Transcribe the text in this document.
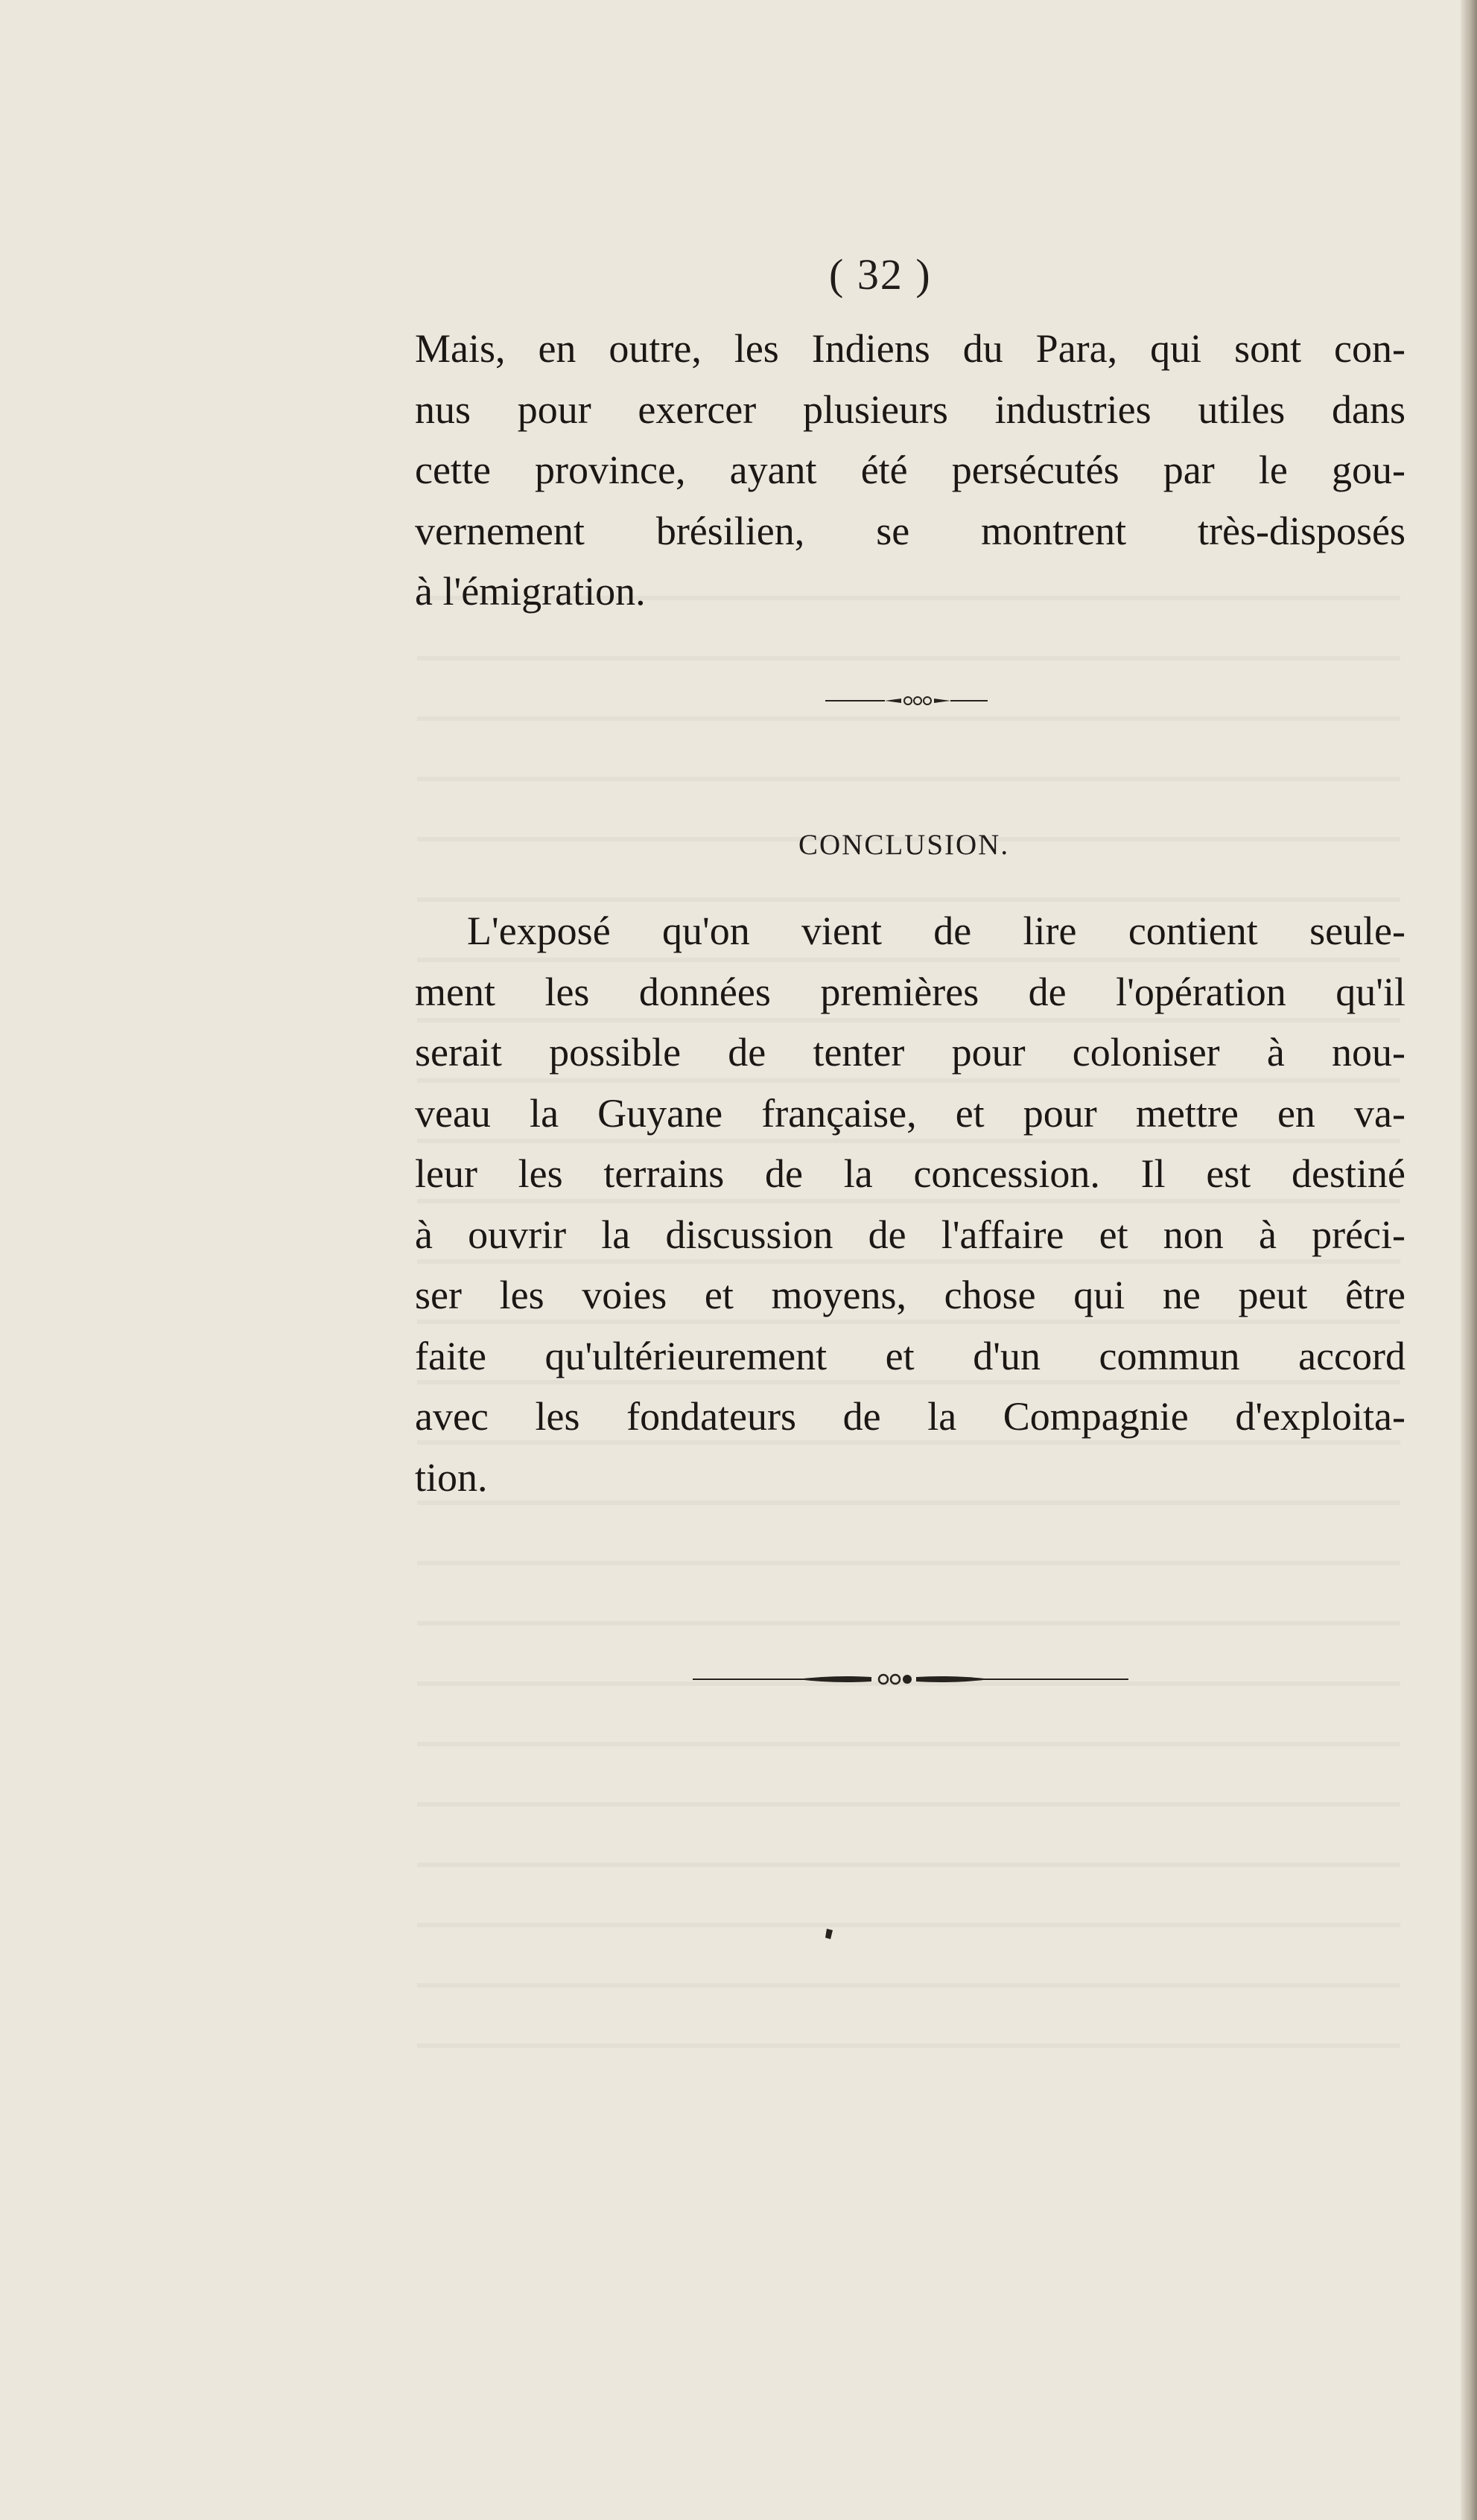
( 32 )

Mais, en outre, les Indiens du Para, qui sont con-
nus pour exercer plusieurs industries utiles dans
cette province, ayant été persécutés par le gou-
vernement brésilien, se montrent très-disposés
à l'émigration.

CONCLUSION.

L'exposé qu'on vient de lire contient seule-
ment les données premières de l'opération qu'il
serait possible de tenter pour coloniser à nou-
veau la Guyane française, et pour mettre en va-
leur les terrains de la concession. Il est destiné
à ouvrir la discussion de l'affaire et non à préci-
ser les voies et moyens, chose qui ne peut être
faite qu'ultérieurement et d'un commun accord
avec les fondateurs de la Compagnie d'exploita-
tion.
